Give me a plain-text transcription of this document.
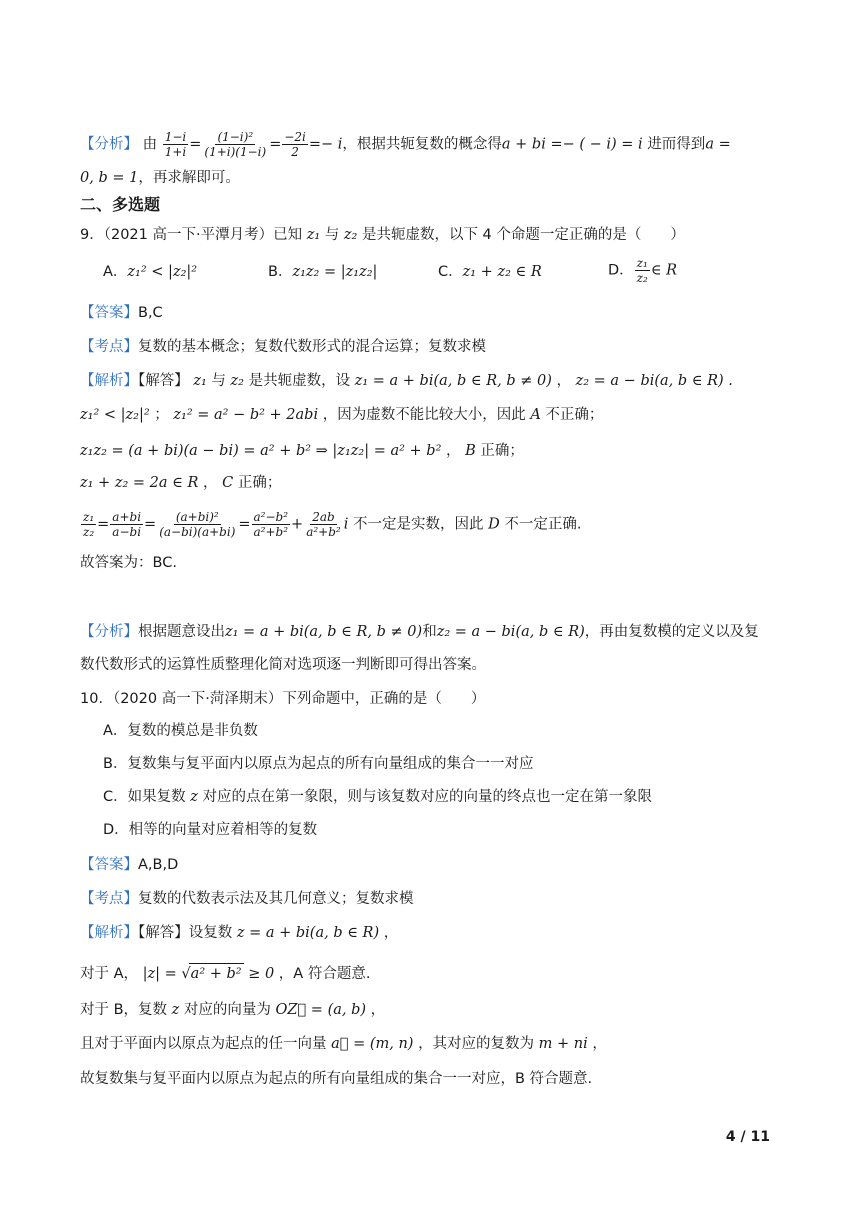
【分析】 由 $\frac{1-i}{1+i} = \frac{\text{(1−i)²}}{(1+i)(1-i)} = \frac{-2i}{2} =- i$，根据共轭复数的概念得a + bi =− ( − i) = i 进而得到a =
0, b = 1，再求解即可。
二、多选题
9．（2021 高一下·平潭月考）已知 z₁ 与 z₂ 是共轭虚数，以下 4 个命题一定正确的是（　　）
A．z₁² < |z₂|²	B．z₁z₂ = |z₁z₂|	C．z₁ + z₂ ∈ R	D． $\frac{\text{z₁}}{\text{z₂}}$ ∈ R
【答案】B,C
【考点】复数的基本概念；复数代数形式的混合运算；复数求模
【解析】【解答】 z₁ 与 z₂ 是共轭虚数，设 z₁ = a + bi(a, b ∈ R, b ≠ 0) ， z₂ = a − bi(a, b ∈ R) .
z₁² < |z₂|² ； z₁² = a² − b² + 2abi ，因为虚数不能比较大小，因此 A 不正确；
z₁z₂ = (a + bi)(a − bi) = a² + b² ⇒ |z₁z₂| = a² + b² ， B 正确；
z₁ + z₂ = 2a ∈ R ， C 正确；
$\frac{\text{z₁}}{\text{z₂}} = \frac{a+bi}{a-bi} = \frac{\text{(a+bi)²}}{(a-bi)(a+bi)} = \frac{\text{a²−b²}}{\text{a²+b²}} + \frac{2ab}{\text{a²+b²}}$ i 不一定是实数，因此 D 不一定正确.
故答案为：BC.
【分析】根据题意设出z₁ = a + bi(a, b ∈ R, b ≠ 0)和z₂ = a − bi(a, b ∈ R)，再由复数模的定义以及复
数代数形式的运算性质整理化简对选项逐一判断即可得出答案。
10．（2020 高一下·菏泽期末）下列命题中，正确的是（　　）
A．复数的模总是非负数
B．复数集与复平面内以原点为起点的所有向量组成的集合一一对应
C．如果复数 z 对应的点在第一象限，则与该复数对应的向量的终点也一定在第一象限
D．相等的向量对应着相等的复数
【答案】A,B,D
【考点】复数的代数表示法及其几何意义；复数求模
【解析】【解答】设复数 z = a + bi(a, b ∈ R) ，
对于 A， |z| = √a² + b² ≥ 0 ，A 符合题意.
对于 B，复数 z 对应的向量为 OZ⃗ = (a, b) ，
且对于平面内以原点为起点的任一向量 a⃗ = (m, n) ，其对应的复数为 m + ni ，
故复数集与复平面内以原点为起点的所有向量组成的集合一一对应，B 符合题意.
4 / 11
